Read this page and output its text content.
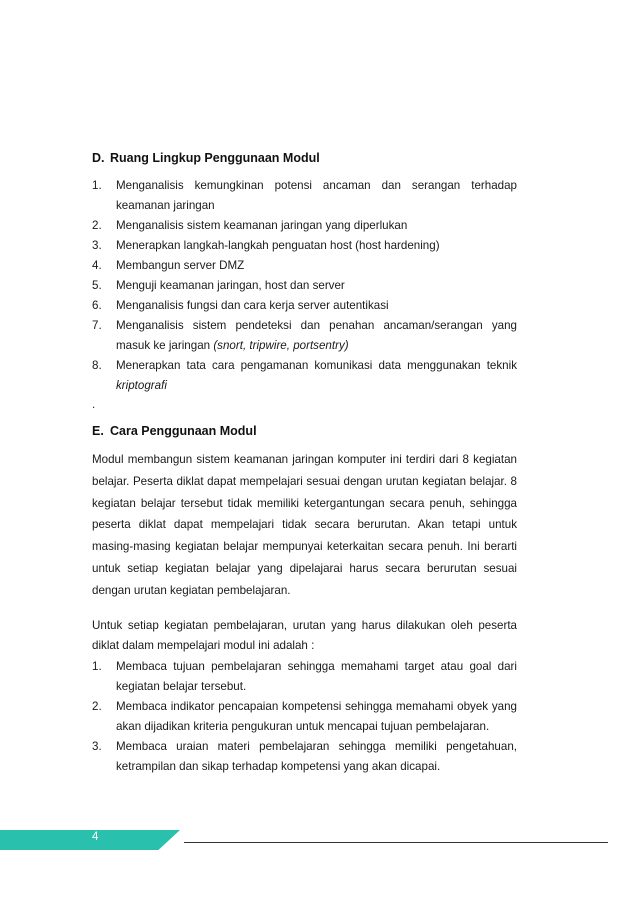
D. Ruang Lingkup Penggunaan Modul
1. Menganalisis kemungkinan potensi ancaman dan serangan terhadap keamanan jaringan
2. Menganalisis sistem keamanan jaringan yang diperlukan
3. Menerapkan langkah-langkah penguatan host (host hardening)
4. Membangun server DMZ
5. Menguji keamanan jaringan, host dan server
6. Menganalisis fungsi dan cara kerja server autentikasi
7. Menganalisis sistem pendeteksi dan penahan ancaman/serangan yang masuk ke jaringan (snort, tripwire, portsentry)
8. Menerapkan tata cara pengamanan komunikasi data menggunakan teknik kriptografi

.

E. Cara Penggunaan Modul

Modul membangun sistem keamanan jaringan komputer ini terdiri dari 8 kegiatan belajar. Peserta diklat dapat mempelajari sesuai dengan urutan kegiatan belajar. 8 kegiatan belajar tersebut tidak memiliki ketergantungan secara penuh, sehingga peserta diklat dapat mempelajari tidak secara berurutan. Akan tetapi untuk masing-masing kegiatan belajar mempunyai keterkaitan secara penuh. Ini berarti untuk setiap kegiatan belajar yang dipelajarai harus secara berurutan sesuai dengan urutan kegiatan pembelajaran.

Untuk setiap kegiatan pembelajaran, urutan yang harus dilakukan oleh peserta diklat dalam mempelajari modul ini adalah :

1. Membaca tujuan pembelajaran sehingga memahami target atau goal dari kegiatan belajar tersebut.
2. Membaca indikator pencapaian kompetensi sehingga memahami obyek yang akan dijadikan kriteria pengukuran untuk mencapai tujuan pembelajaran.
3. Membaca uraian materi pembelajaran sehingga memiliki pengetahuan, ketrampilan dan sikap terhadap kompetensi yang akan dicapai.

4
